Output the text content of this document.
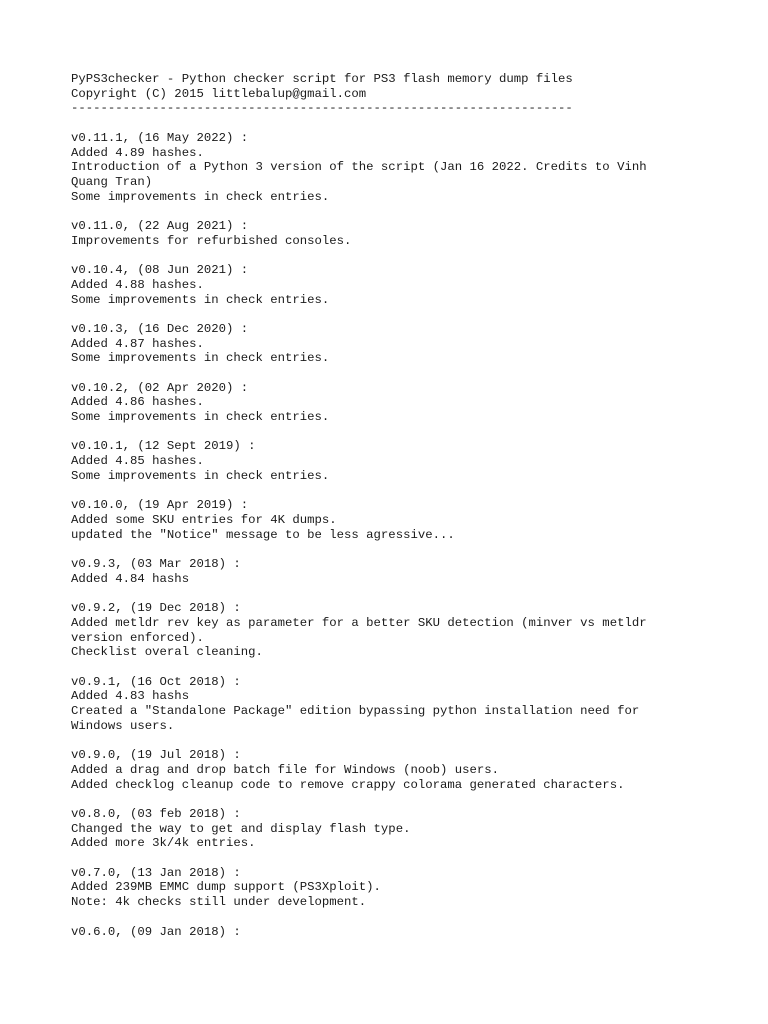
PyPS3checker - Python checker script for PS3 flash memory dump files
Copyright (C) 2015 littlebalup@gmail.com
--------------------------------------------------------------------
v0.11.1, (16 May 2022) :
Added 4.89 hashes.
Introduction of a Python 3 version of the script (Jan 16 2022. Credits to Vinh
Quang Tran)
Some improvements in check entries.
v0.11.0, (22 Aug 2021) :
Improvements for refurbished consoles.
v0.10.4, (08 Jun 2021) :
Added 4.88 hashes.
Some improvements in check entries.
v0.10.3, (16 Dec 2020) :
Added 4.87 hashes.
Some improvements in check entries.
v0.10.2, (02 Apr 2020) :
Added 4.86 hashes.
Some improvements in check entries.
v0.10.1, (12 Sept 2019) :
Added 4.85 hashes.
Some improvements in check entries.
v0.10.0, (19 Apr 2019) :
Added some SKU entries for 4K dumps.
updated the "Notice" message to be less agressive...
v0.9.3, (03 Mar 2018) :
Added 4.84 hashs
v0.9.2, (19 Dec 2018) :
Added metldr rev key as parameter for a better SKU detection (minver vs metldr
version enforced).
Checklist overal cleaning.
v0.9.1, (16 Oct 2018) :
Added 4.83 hashs
Created a "Standalone Package" edition bypassing python installation need for
Windows users.
v0.9.0, (19 Jul 2018) :
Added a drag and drop batch file for Windows (noob) users.
Added checklog cleanup code to remove crappy colorama generated characters.
v0.8.0, (03 feb 2018) :
Changed the way to get and display flash type.
Added more 3k/4k entries.
v0.7.0, (13 Jan 2018) :
Added 239MB EMMC dump support (PS3Xploit).
Note: 4k checks still under development.
v0.6.0, (09 Jan 2018) :
